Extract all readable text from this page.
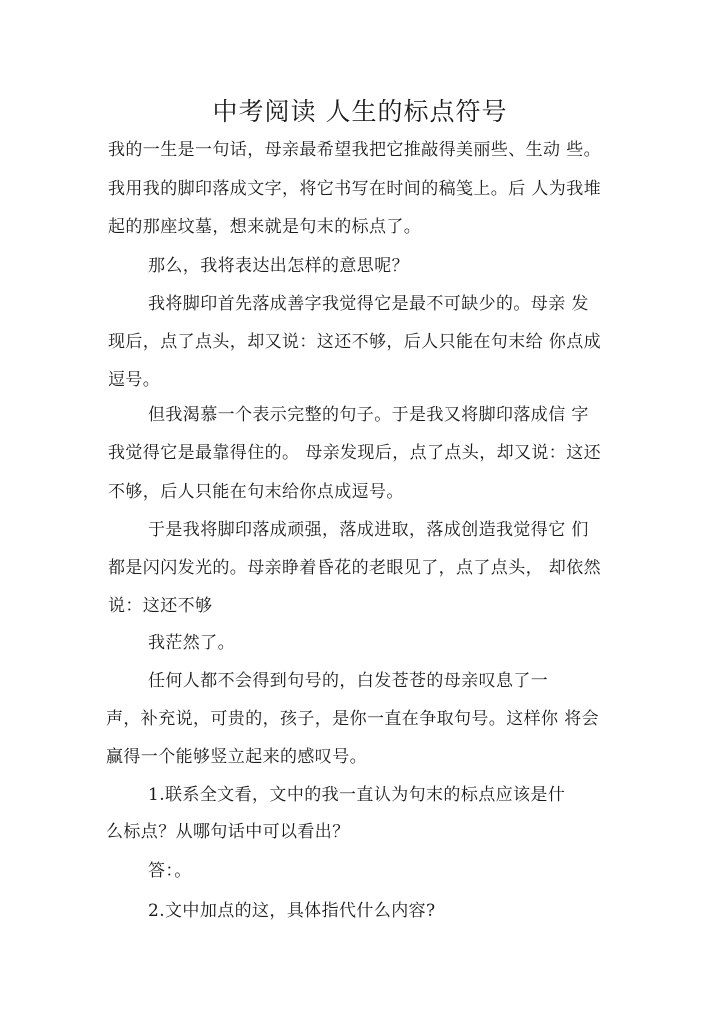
中考阅读 人生的标点符号
我的一生是一句话，母亲最希望我把它推敲得美丽些、生动 些。
我用我的脚印落成文字，将它书写在时间的稿笺上。后 人为我堆
起的那座坟墓，想来就是句末的标点了。
那么，我将表达出怎样的意思呢？
我将脚印首先落成善字我觉得它是最不可缺少的。母亲 发
现后，点了点头，却又说：这还不够，后人只能在句末给 你点成
逗号。
但我渴慕一个表示完整的句子。于是我又将脚印落成信 字
我觉得它是最靠得住的。 母亲发现后，点了点头，却又说：这还
不够，后人只能在句末给你点成逗号。
于是我将脚印落成顽强，落成进取，落成创造我觉得它 们
都是闪闪发光的。母亲睁着昏花的老眼见了，点了点头， 却依然
说：这还不够
我茫然了。
任何人都不会得到句号的，白发苍苍的母亲叹息了一
声，补充说，可贵的，孩子，是你一直在争取句号。这样你 将会
赢得一个能够竖立起来的感叹号。
1.联系全文看，文中的我一直认为句末的标点应该是什
么标点？从哪句话中可以看出？
答：。
2.文中加点的这，具体指代什么内容?
